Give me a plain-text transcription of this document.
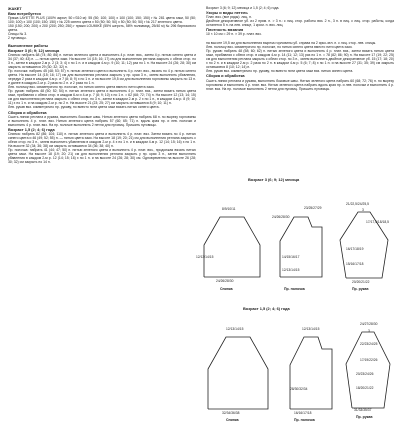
ЖАКЕТ
Вам потребуется
Пряжа LAYETTE PLUS (100% акрил; 50 г/310 м): 55 (50; 100; 100) х 100 (100; 150; 150) г № 281 цвета хаки, 50 (50; 100; 100) х 100 (100; 150; 150) г № 225 синего цвета х 50 (50; 50; 50) х 50 (50; 50; 50) г № 217 зеленого цвета.
150 (150; 200; 200) х 200 (200; 250; 250) г пряжи LOUMIKE (55% шерсть, 58% полиамид, 25/40 м) № 296 бирюзового цвета.
Спицы № 3.
2 пуговицы.
Выполнение работы
Возраст 3 (6; 9; 12) месяца
Спинка: набрать 68 (74; 80; 86) п. нитью зеленого цвета и выполнить 4 р. плат. вяз., затем 4 р. нитью синего цвета и 34 (37; 40; 43) п. — нитью цвета хаки. На высоте 14 (15; 16; 17) см для выполнения реглана закрыть с обеих стор. по 3 п., затем в каждом 2-м р. 2 (3; 3; 4) х по 1 п. и в каждом 4-м р. 9 (10; 11; 12) раз по 1 п. На высоте 24 (26; 28; 30) см закрыть оставшиеся 29 (30; 32; 32) п.
Пр. полочка: набрать 45 (48; 53; 57) п. нитью зеленого цвета и выполнить 4 р. плат. вяз., вязать по 4 р. нитью синего цвета. На высоте 14 (15; 16; 17) см для выполнения реглана закрыть у пр. края 3 п., затем выполнить убавления, чередуя 2 раза в каждом 4-м р. и 7 (8; 8; 9) х по 1 п. и на высоте 19,5 см для выполнения горловины закрыть по 13 п. и далее в каждом 2-м р. 2 раза по 2 п. и 2 раза по 1 п.
Лев. полочку вяз. симметрично пр. полочке, но нитью синего цвета вместо нити цвета хаки.
Пр. рукав: набрать 48 (50; 52; 54) п. нитью зеленого цвета и выполнить 4 р. плат. вяз., затем вязать нитью цвета хаки, прибавляя с обеих стор. в каждом 6-м и 4-м р. 7 (8; 9; 10) х по 1 п. = 62 (68; 72; 74) п. На высоте 12 (13; 14; 15) см для выполнения реглана закрыть с обеих стор. по 3 п., затем в каждом 2-м р. 2 х по 1 п., в каждом 4-м р. 8 (9; 10; 11) х по 1 п. и на каждом 2-м р. по 2 п. На высоте 21 (23; 25; 27) см закрыть оставшиеся 8 (9; 10; 11) п.
Лев. рукав вяз. симметрично пр. рукаву, но вместо нити цвета хаки вязать нитью синего цвета.
Сборка и обработка
Сшить линии реглана и рукава, выполнить боковые швы. Нитью зеленого цвета набрать 68 п. по вырезу горловины и выполнить 4 р. плат. вяз. Нитью зеленого цвета набрать 57 (60; 65; 71) п. вдоль края пр. и лев. полочки и выполнить 4 р. плат. вяз. На пр. полочке выполнить 2 петли для пуговиц. Пришить пуговицы.
Возраст 1,5 (2; 4; 6) года
Спинка: набрать 82 (86; 104; 110) п. нитью зеленого цвета и выполнить 4 р. плат. вяз. Затем вязать по 4 р. нитью синего цвета и 46 (49; 52; 55) п. — нитью цвета хаки. На высоте 18 (19; 20; 21) см для выполнения реглана закрыть с обеих стор. по 3 п., затем выполнить убавления в каждом 2-м р. 4 х по 1 п. и в каждом 4-м р. 12 (14; 15; 16) х по 1 п. На высоте 32 (34; 36; 38) см закрыть оставшиеся 34 (36; 38; 40) п.
Пр. полочка: набрать 41 (44; 47; 50) п. нитью зеленого цвета и выполнить 4 р. плат. вяз., продолжая вязать нитью цвета хаки. На высоте 18 (19; 20; 21) см для выполнения реглана закрыть у пр. края 3 п., затем выполнить убавления в каждом 2-м р. 12 (14; 15; 16) х по 1 п. и на высоте 24 (26; 28; 30) см. Одновременно на высоте 26 (28; 30; 32) см закрыть по 14 п.
Возраст 3 (6; 9; 12) месяца и 1,5 (2; 4; 6) года.
Узоры и виды петель
Плат. вяз. (все ряды): лиц. п.
Двойное декоративное уб. из 2 прям. п. > 3 п.: с лиц. стор. работы вяз. 2 п., 3 п. в лиц. с лиц. стор. работы, когда останется 5 п. на лев. спице, 1 кром. п. вяз. лиц.
Плотность вязания
10 × 10 см = 29 п. × 39 р. плат. вяз.
на высоте 19,5 см для выполнения выреза горловины уб. справа на 2 ярко-зел. п. с лиц. стор. лев. спицы.
Лев. полочку вяз. симметрично пр. полочке, но нитью синего цвета вместо нити цвета хаки.
Пр. рукав: набрать 48 (58; 60; 62) п. нитью зеленого цвета и выполнить 4 р. плат. вяз., затем вязать нитью цвета хаки, прибавляя с обеих стор. в каждом 4-м р. 14 (11; 12; 13) раз по 1 п. = 78 (82; 86; 90) п. На высоте 17 (19; 22; 25) см для выполнения реглана закрыть с обеих стор. по 3 п., затем выполнить двойное декоративное уб. 15 (17; 18; 20) х по 2 п. и в каждом 2-м р. 2 раза по 2 п. в каждом 4-м р. 5 (6; 7; 8) х по 1 п. и на высоте 27 (31; 35; 39) см закрыть оставшиеся 8 (10; 12; 14) п.
Лев. рукав вяз. симметрично пр. рукаву, но вместо нити цвета хаки вяз. нитью синего цвета.
Сборка и обработка
Сшить линии реглана и рукава, выполнить боковые швы. Нитью зеленого цвета набрать 60 (68; 72; 76) п. по вырезу горловины и выполнить 4 р. плат. вяз. Нитью зеленого цвета набрать вдоль края пр. и лев. полочки и выполнить 4 р. плат. вяз. На пр. полочке выполнить 2 петли для пуговиц. Пришить пуговицы.
Возраст 3 (6; 9; 12) месяца
Возраст 1,5 (2; 4; 6) года
8/9/10/11
12/13/14/15
24/26/28/30
Спинка
23/25/27/29
24/26/28/30
14/15/16/17
12/13/14/15
Пр. полочка
21/22,5/24/25,5
3
17/17,5/18/18,5
16/17/18/19
15/16/17/18
20/20/21/22
Пр. рукав
12/13/14/15
32/34/36/38
Спинка
12/13/14/15
28/30/32/34
16/16/17/18
Пр. полочка
24/27/28/30
3
22/23/24/25
17/19/22/26
20/23/24/26
18/20/21/22
31/33/35/37
Пр. рукав
